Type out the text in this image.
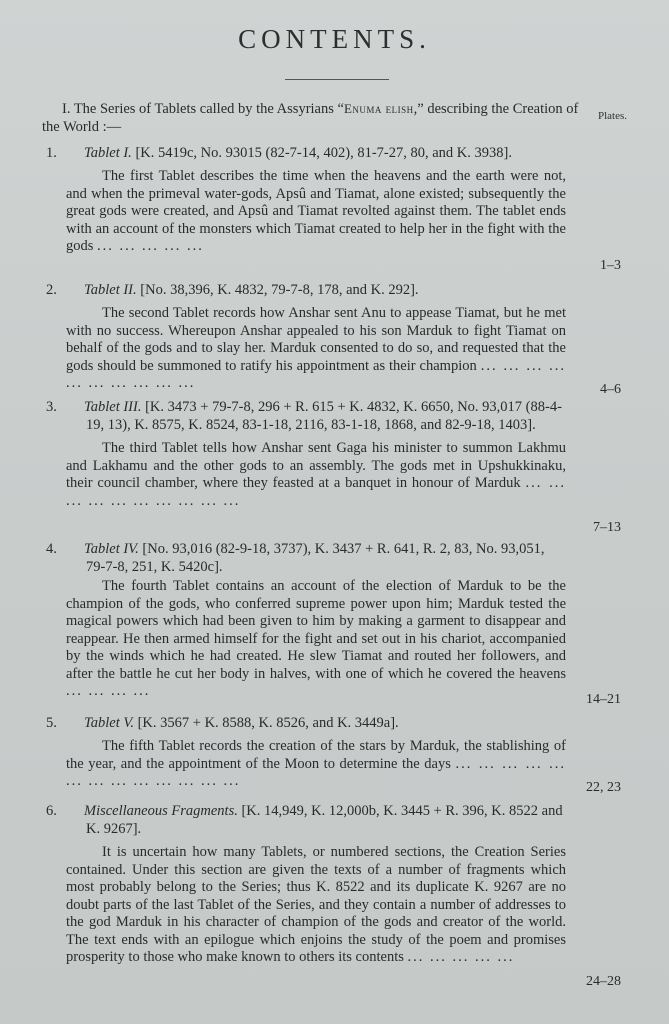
CONTENTS.
Plates.
I. The Series of Tablets called by the Assyrians “Enuma elish,” describing the Creation of the World :—
1. Tablet I. [K. 5419c, No. 93015 (82-7-14, 402), 81-7-27, 80, and K. 3938].
The first Tablet describes the time when the heavens and the earth were not, and when the primeval water-gods, Apsû and Tiamat, alone existed; subsequently the great gods were created, and Apsû and Tiamat revolted against them. The tablet ends with an account of the monsters which Tiamat created to help her in the fight with the gods ... ... ... ... ...
1–3
2. Tablet II. [No. 38,396, K. 4832, 79-7-8, 178, and K. 292].
The second Tablet records how Anshar sent Anu to appease Tiamat, but he met with no success. Whereupon Anshar appealed to his son Marduk to fight Tiamat on behalf of the gods and to slay her. Marduk consented to do so, and requested that the gods should be summoned to ratify his appointment as their champion ... ... ... ... ... ... ... ... ... ...	4–6
3. Tablet III. [K. 3473 + 79-7-8, 296 + R. 615 + K. 4832, K. 6650, No. 93,017 (88-4-19, 13), K. 8575, K. 8524, 83-1-18, 2116, 83-1-18, 1868, and 82-9-18, 1403].
The third Tablet tells how Anshar sent Gaga his minister to summon Lakhmu and Lakhamu and the other gods to an assembly. The gods met in Upshukkinaku, their council chamber, where they feasted at a banquet in honour of Marduk ... ... ... ... ... ... ... ... ... ...
7–13
4. Tablet IV. [No. 93,016 (82-9-18, 3737), K. 3437 + R. 641, R. 2, 83, No. 93,051, 79-7-8, 251, K. 5420c].
The fourth Tablet contains an account of the election of Marduk to be the champion of the gods, who conferred supreme power upon him; Marduk tested the magical powers which had been given to him by making a garment to disappear and reappear. He then armed himself for the fight and set out in his chariot, accompanied by the winds which he had created. He slew Tiamat and routed her followers, and after the battle he cut her body in halves, with one of which he covered the heavens ... ... ... ...
14–21
5. Tablet V. [K. 3567 + K. 8588, K. 8526, and K. 3449a].
The fifth Tablet records the creation of the stars by Marduk, the stablishing of the year, and the appointment of the Moon to determine the days ... ... ... ... ... ... ... ... ... ... ... ... ...	22, 23
6. Miscellaneous Fragments. [K. 14,949, K. 12,000b, K. 3445 + R. 396, K. 8522 and K. 9267].
It is uncertain how many Tablets, or numbered sections, the Creation Series contained. Under this section are given the texts of a number of fragments which most probably belong to the Series; thus K. 8522 and its duplicate K. 9267 are no doubt parts of the last Tablet of the Series, and they contain a number of addresses to the god Marduk in his character of champion of the gods and creator of the world. The text ends with an epilogue which enjoins the study of the poem and promises prosperity to those who make known to others its contents ... ... ... ... ...
24–28
